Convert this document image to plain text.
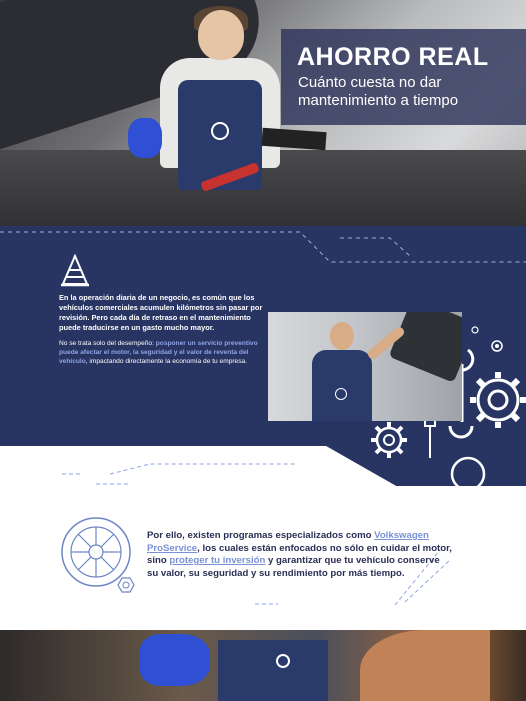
AHORRO REAL
Cuánto cuesta no dar mantenimiento a tiempo
En la operación diaria de un negocio, es común que los vehículos comerciales acumulen kilómetros sin pasar por revisión. Pero cada día de retraso en el mantenimiento puede traducirse en un gasto mucho mayor.
No se trata solo del desempeño: posponer un servicio preventivo puede afectar el motor, la seguridad y el valor de reventa del vehículo, impactando directamente la economía de tu empresa.
Por ello, existen programas especializados como Volkswagen ProService, los cuales están enfocados no sólo en cuidar el motor, sino proteger tu inversión y garantizar que tu vehículo conserve su valor, su seguridad y su rendimiento por más tiempo.
